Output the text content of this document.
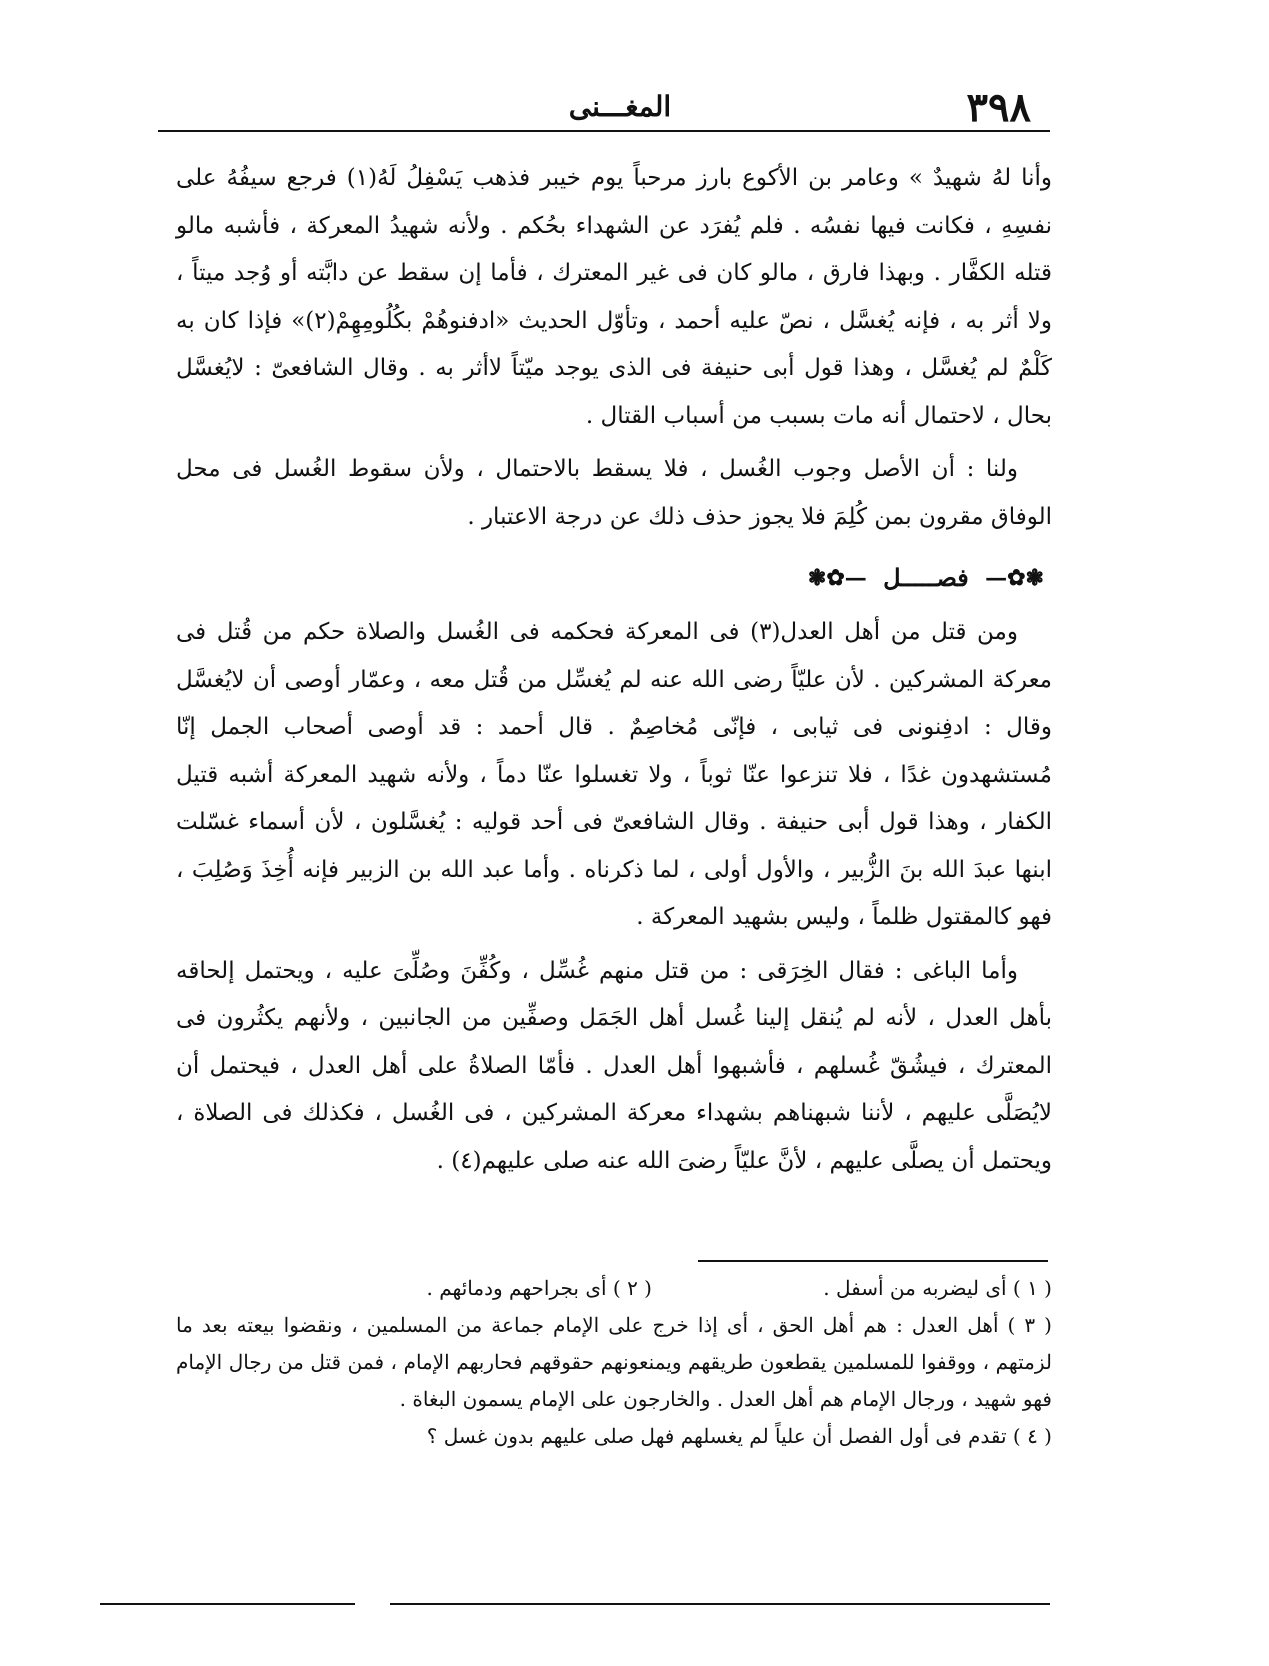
٣٩٨
المغـــنى

وأنا لهُ شهيدٌ » وعامر بن الأكوع بارز مرحباً يوم خيبر فذهب يَسْفِلُ لَهُ(١) فرجع سيفُهُ على نفسِهِ ، فكانت فيها نفسُه . فلم يُفرَد عن الشهداء بحُكم . ولأنه شهيدُ المعركة ، فأشبه مالو قتله الكفَّار . وبهذا فارق ، مالو كان فى غير المعترك ، فأما إن سقط عن دابَّته أو وُجد ميتاً ، ولا أثر به ، فإنه يُغسَّل ، نصّ عليه أحمد ، وتأوّل الحديث «ادفنوهُمْ بكُلُومِهِمْ(٢)» فإذا كان به كَلْمٌ لم يُغسَّل ، وهذا قول أبى حنيفة فى الذى يوجد ميّتاً لاأثر به . وقال الشافعىّ : لايُغسَّل بحال ، لاحتمال أنه مات بسبب من أسباب القتال .

ولنا : أن الأصل وجوب الغُسل ، فلا يسقط بالاحتمال ، ولأن سقوط الغُسل فى محل الوفاق مقرون بمن كُلِمَ فلا يجوز حذف ذلك عن درجة الاعتبار .

❃✿— فصـــــل —✿❃

ومن قتل من أهل العدل(٣) فى المعركة فحكمه فى الغُسل والصلاة حكم من قُتل فى معركة المشركين . لأن عليّاً رضى الله عنه لم يُغسِّل من قُتل معه ، وعمّار أوصى أن لايُغسَّل وقال : ادفِنونى فى ثيابى ، فإنّى مُخاصِمٌ . قال أحمد : قد أوصى أصحاب الجمل إنّا مُستشهدون غدًا ، فلا تنزعوا عنّا ثوباً ، ولا تغسلوا عنّا دماً ، ولأنه شهيد المعركة أشبه قتيل الكفار ، وهذا قول أبى حنيفة . وقال الشافعىّ فى أحد قوليه : يُغسَّلون ، لأن أسماء غسّلت ابنها عبدَ الله بنَ الزُّبير ، والأول أولى ، لما ذكرناه . وأما عبد الله بن الزبير فإنه أُخِذَ وَصُلِبَ ، فهو كالمقتول ظلماً ، وليس بشهيد المعركة .

وأما الباغى : فقال الخِرَقى : من قتل منهم غُسِّل ، وكُفِّنَ وصُلِّىَ عليه ، ويحتمل إلحاقه بأهل العدل ، لأنه لم يُنقل إلينا غُسل أهل الجَمَل وصفِّين من الجانبين ، ولأنهم يكثُرون فى المعترك ، فيشُقّ غُسلهم ، فأشبهوا أهل العدل . فأمّا الصلاةُ على أهل العدل ، فيحتمل أن لايُصَلَّى عليهم ، لأننا شبهناهم بشهداء معركة المشركين ، فى الغُسل ، فكذلك فى الصلاة ، ويحتمل أن يصلَّى عليهم ، لأنَّ عليّاً رضىَ الله عنه صلى عليهم(٤) .

( ١ ) أى ليضربه من أسفل .
( ٢ ) أى بجراحهم ودمائهم .

( ٣ ) أهل العدل : هم أهل الحق ، أى إذا خرج على الإمام جماعة من المسلمين ، ونقضوا بيعته بعد ما لزمتهم ، ووقفوا للمسلمين يقطعون طريقهم ويمنعونهم حقوقهم فحاربهم الإمام ، فمن قتل من رجال الإمام فهو شهيد ، ورجال الإمام هم أهل العدل . والخارجون على الإمام يسمون البغاة .

( ٤ ) تقدم فى أول الفصل أن علياً لم يغسلهم فهل صلى عليهم بدون غسل ؟
